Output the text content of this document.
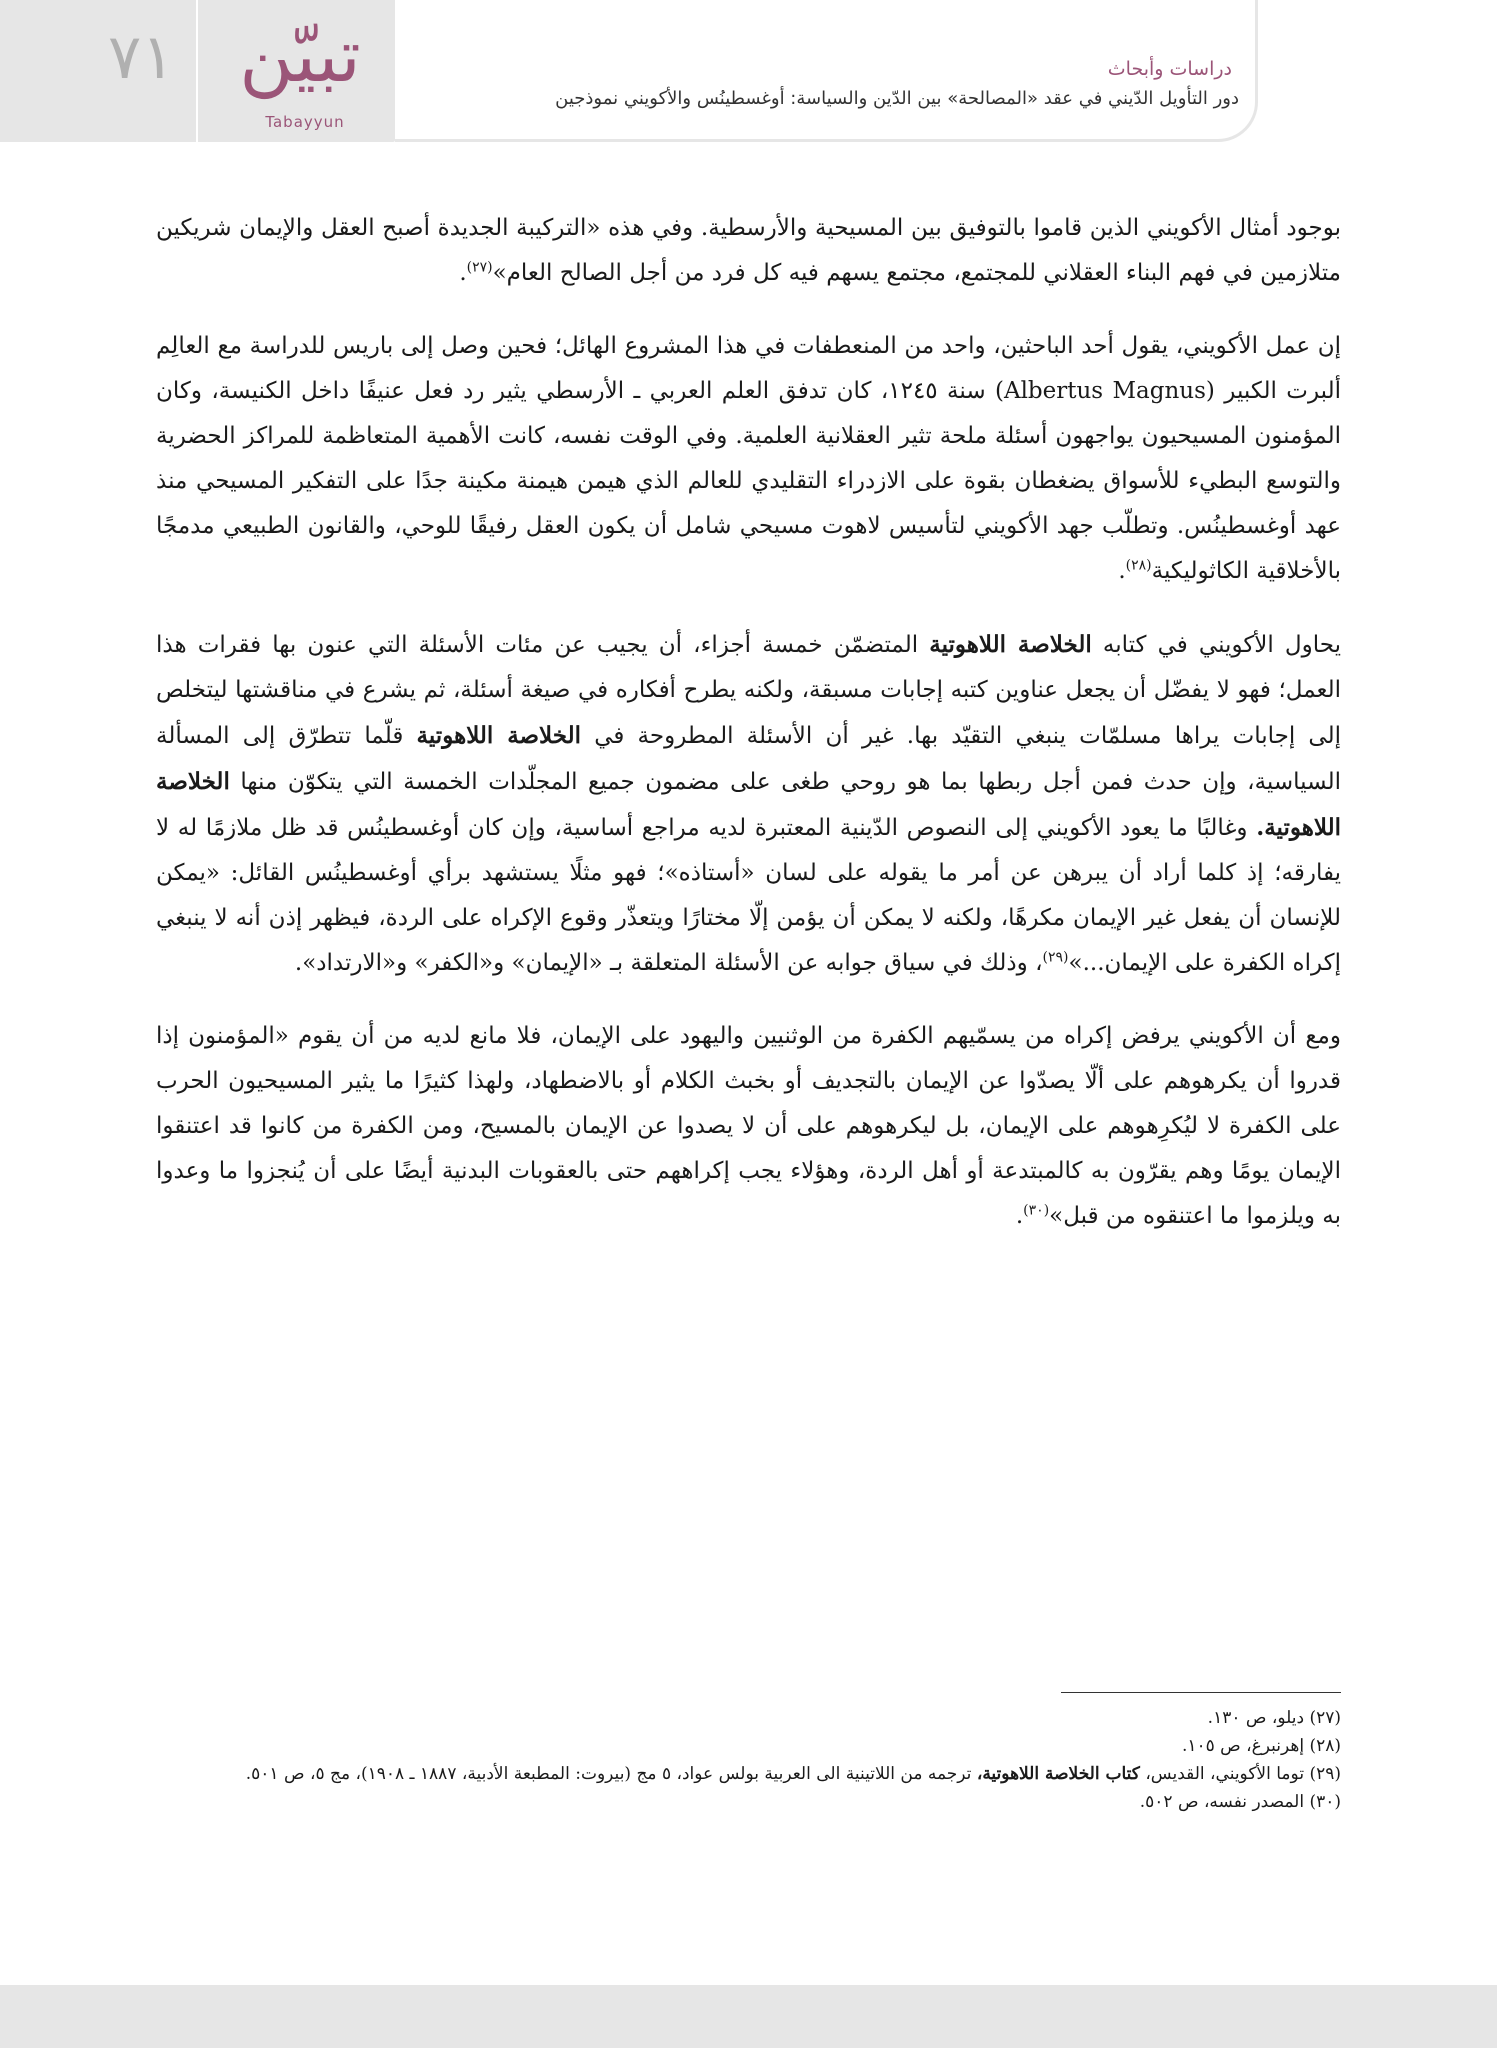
٧١ تبيّن
Tabayyun
دراسات وأبحاث
دور التأويل الدّيني في عقد «المصالحة» بين الدّين والسياسة: أوغسطينُس والأكويني نموذجين

بوجود أمثال الأكويني الذين قاموا بالتوفيق بين المسيحية والأرسطية. وفي هذه «التركيبة الجديدة أصبح العقل والإيمان شريكين متلازمين في فهم البناء العقلاني للمجتمع، مجتمع يسهم فيه كل فرد من أجل الصالح العام»$^{(٢٧)}$.

إن عمل الأكويني، يقول أحد الباحثين، واحد من المنعطفات في هذا المشروع الهائل؛ فحين وصل إلى باريس للدراسة مع العالِم ألبرت الكبير (Albertus Magnus) سنة ١٢٤٥، كان تدفق العلم العربي ـ الأرسطي يثير رد فعل عنيفًا داخل الكنيسة، وكان المؤمنون المسيحيون يواجهون أسئلة ملحة تثير العقلانية العلمية. وفي الوقت نفسه، كانت الأهمية المتعاظمة للمراكز الحضرية والتوسع البطيء للأسواق يضغطان بقوة على الازدراء التقليدي للعالم الذي هيمن هيمنة مكينة جدًا على التفكير المسيحي منذ عهد أوغسطينُس. وتطلّب جهد الأكويني لتأسيس لاهوت مسيحي شامل أن يكون العقل رفيقًا للوحي، والقانون الطبيعي مدمجًا بالأخلاقية الكاثوليكية$^{(٢٨)}$.

يحاول الأكويني في كتابه الخلاصة اللاهوتية المتضمّن خمسة أجزاء، أن يجيب عن مئات الأسئلة التي عنون بها فقرات هذا العمل؛ فهو لا يفضّل أن يجعل عناوين كتبه إجابات مسبقة، ولكنه يطرح أفكاره في صيغة أسئلة، ثم يشرع في مناقشتها ليتخلص إلى إجابات يراها مسلمّات ينبغي التقيّد بها. غير أن الأسئلة المطروحة في الخلاصة اللاهوتية قلّما تتطرّق إلى المسألة السياسية، وإن حدث فمن أجل ربطها بما هو روحي طغى على مضمون جميع المجلّدات الخمسة التي يتكوّن منها الخلاصة اللاهوتية. وغالبًا ما يعود الأكويني إلى النصوص الدّينية المعتبرة لديه مراجع أساسية، وإن كان أوغسطينُس قد ظل ملازمًا له لا يفارقه؛ إذ كلما أراد أن يبرهن عن أمر ما يقوله على لسان «أستاذه»؛ فهو مثلًا يستشهد برأي أوغسطينُس القائل: «يمكن للإنسان أن يفعل غير الإيمان مكرهًا، ولكنه لا يمكن أن يؤمن إلّا مختارًا ويتعذّر وقوع الإكراه على الردة، فيظهر إذن أنه لا ينبغي إكراه الكفرة على الإيمان...»$^{(٢٩)}$، وذلك في سياق جوابه عن الأسئلة المتعلقة بـ «الإيمان» و«الكفر» و«الارتداد».

ومع أن الأكويني يرفض إكراه من يسمّيهم الكفرة من الوثنيين واليهود على الإيمان، فلا مانع لديه من أن يقوم «المؤمنون إذا قدروا أن يكرهوهم على ألّا يصدّوا عن الإيمان بالتجديف أو بخبث الكلام أو بالاضطهاد، ولهذا كثيرًا ما يثير المسيحيون الحرب على الكفرة لا ليُكرِهوهم على الإيمان، بل ليكرهوهم على أن لا يصدوا عن الإيمان بالمسيح، ومن الكفرة من كانوا قد اعتنقوا الإيمان يومًا وهم يقرّون به كالمبتدعة أو أهل الردة، وهؤلاء يجب إكراههم حتى بالعقوبات البدنية أيضًا على أن يُنجزوا ما وعدوا به ويلزموا ما اعتنقوه من قبل»$^{(٣٠)}$.

(٢٧) ديلو، ص ١٣٠.
(٢٨) إهرنبرغ، ص ١٠٥.
(٢٩) توما الأكويني، القديس، كتاب الخلاصة اللاهوتية، ترجمه من اللاتينية الى العربية بولس عواد، ٥ مج (بيروت: المطبعة الأدبية، ١٨٨٧ ـ ١٩٠٨)، مج ٥، ص ٥٠١.
(٣٠) المصدر نفسه، ص ٥٠٢.
